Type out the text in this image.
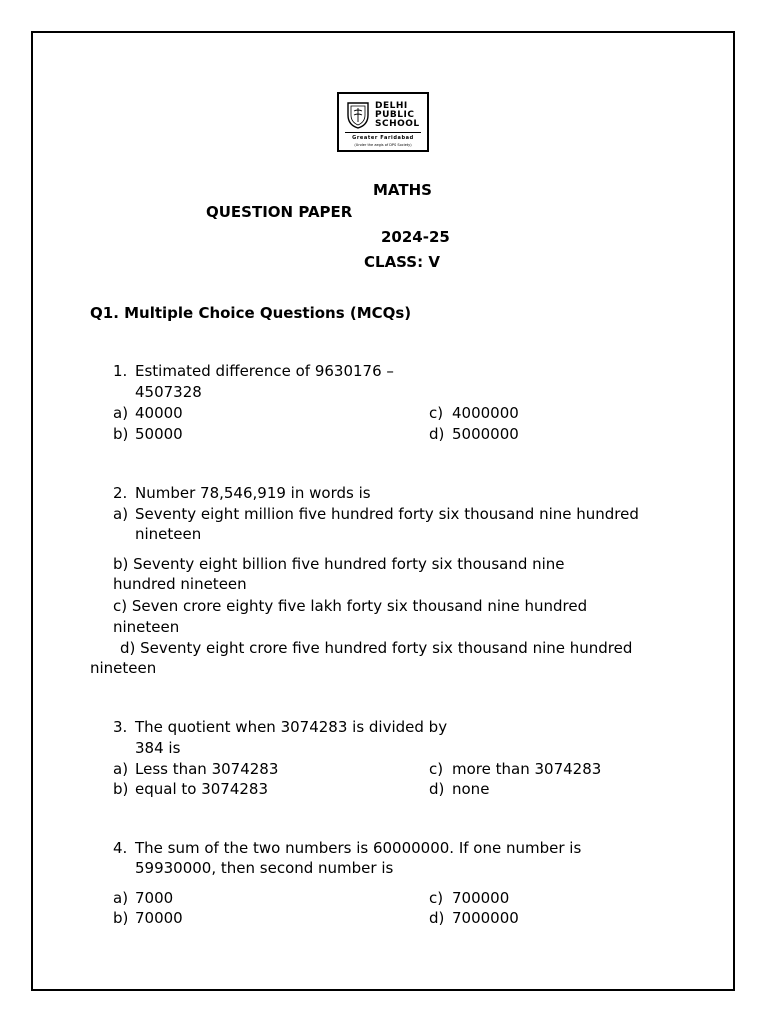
DELHI
PUBLIC
SCHOOL
Greater Faridabad
(Under the aegis of DPS Society)
MATHS
QUESTION PAPER
2024-25
CLASS: V
Q1. Multiple Choice Questions (MCQs)
1. Estimated difference of 9630176 –
4507328
a) 40000
b) 50000
c) 4000000
d) 5000000
2. Number 78,546,919 in words is
a) Seventy eight million five hundred forty six thousand nine hundred
nineteen
b) Seventy eight billion five hundred forty six thousand nine
hundred nineteen
c) Seven crore eighty five lakh forty six thousand nine hundred
nineteen
d) Seventy eight crore five hundred forty six thousand nine hundred
nineteen
3. The quotient when 3074283 is divided by
384 is
a) Less than 3074283
b) equal to 3074283
c) more than 3074283
d) none
4. The sum of the two numbers is 60000000. If one number is
59930000, then second number is
a) 7000
b) 70000
c) 700000
d) 7000000
